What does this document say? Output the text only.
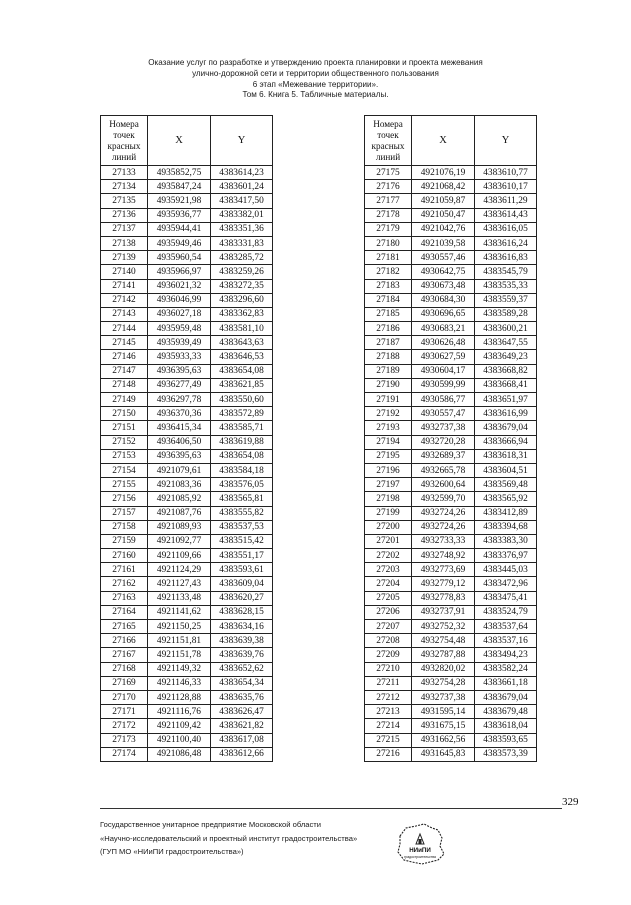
Оказание услуг по разработке и утверждению проекта планировки и проекта межевания
улично-дорожной сети и территории общественного пользования
6 этап «Межевание территории».
Том 6. Книга 5. Табличные материалы.
Номера
точек
красных
линий	X	Y
27133	4935852,75	4383614,23
27134	4935847,24	4383601,24
27135	4935921,98	4383417,50
27136	4935936,77	4383382,01
27137	4935944,41	4383351,36
27138	4935949,46	4383331,83
27139	4935960,54	4383285,72
27140	4935966,97	4383259,26
27141	4936021,32	4383272,35
27142	4936046,99	4383296,60
27143	4936027,18	4383362,83
27144	4935959,48	4383581,10
27145	4935939,49	4383643,63
27146	4935933,33	4383646,53
27147	4936395,63	4383654,08
27148	4936277,49	4383621,85
27149	4936297,78	4383550,60
27150	4936370,36	4383572,89
27151	4936415,34	4383585,71
27152	4936406,50	4383619,88
27153	4936395,63	4383654,08
27154	4921079,61	4383584,18
27155	4921083,36	4383576,05
27156	4921085,92	4383565,81
27157	4921087,76	4383555,82
27158	4921089,93	4383537,53
27159	4921092,77	4383515,42
27160	4921109,66	4383551,17
27161	4921124,29	4383593,61
27162	4921127,43	4383609,04
27163	4921133,48	4383620,27
27164	4921141,62	4383628,15
27165	4921150,25	4383634,16
27166	4921151,81	4383639,38
27167	4921151,78	4383639,76
27168	4921149,32	4383652,62
27169	4921146,33	4383654,34
27170	4921128,88	4383635,76
27171	4921116,76	4383626,47
27172	4921109,42	4383621,82
27173	4921100,40	4383617,08
27174	4921086,48	4383612,66
Номера
точек
красных
линий	X	Y
27175	4921076,19	4383610,77
27176	4921068,42	4383610,17
27177	4921059,87	4383611,29
27178	4921050,47	4383614,43
27179	4921042,76	4383616,05
27180	4921039,58	4383616,24
27181	4930557,46	4383616,83
27182	4930642,75	4383545,79
27183	4930673,48	4383535,33
27184	4930684,30	4383559,37
27185	4930696,65	4383589,28
27186	4930683,21	4383600,21
27187	4930626,48	4383647,55
27188	4930627,59	4383649,23
27189	4930604,17	4383668,82
27190	4930599,99	4383668,41
27191	4930586,77	4383651,97
27192	4930557,47	4383616,99
27193	4932737,38	4383679,04
27194	4932720,28	4383666,94
27195	4932689,37	4383618,31
27196	4932665,78	4383604,51
27197	4932600,64	4383569,48
27198	4932599,70	4383565,92
27199	4932724,26	4383412,89
27200	4932724,26	4383394,68
27201	4932733,33	4383383,30
27202	4932748,92	4383376,97
27203	4932773,69	4383445,03
27204	4932779,12	4383472,96
27205	4932778,83	4383475,41
27206	4932737,91	4383524,79
27207	4932752,32	4383537,64
27208	4932754,48	4383537,16
27209	4932787,88	4383494,23
27210	4932820,02	4383582,24
27211	4932754,28	4383661,18
27212	4932737,38	4383679,04
27213	4931595,14	4383679,48
27214	4931675,15	4383618,04
27215	4931662,56	4383593,65
27216	4931645,83	4383573,39
329
Государственное унитарное предприятие Московской области
«Научно-исследовательский и проектный институт градостроительства»
(ГУП МО «НИиПИ градостроительства»)	НИиПИ
градостроительства
